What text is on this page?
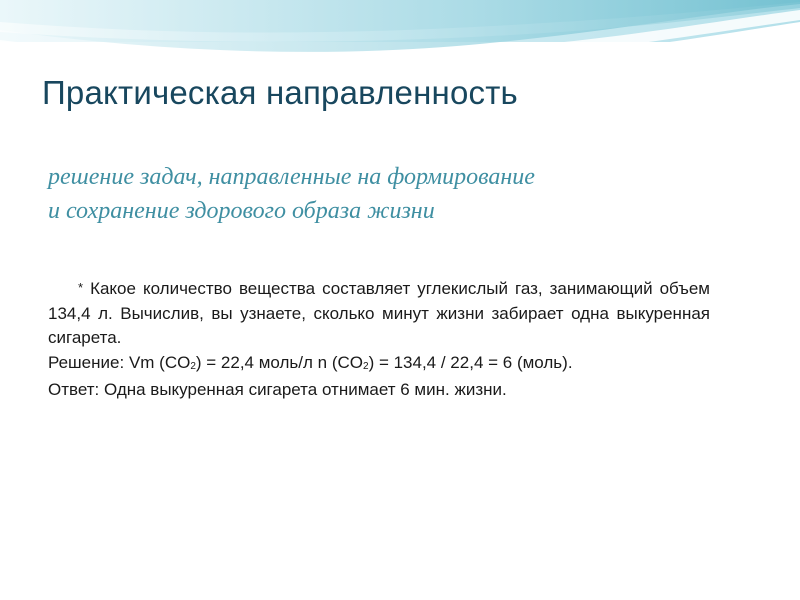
Практическая направленность
решение задач, направленные на формирование
и сохранение здорового образа жизни

* Какое количество вещества составляет углекислый газ, занимающий объем 134,4 л. Вычислив, вы узнаете, сколько минут жизни забирает одна выкуренная сигарета.

Решение: Vm $(CO_2) = 22,4$ моль/л n $(CO_2) = 134,4 / 22,4 = 6$ (моль).

Ответ: Одна выкуренная сигарета отнимает 6 мин. жизни.
